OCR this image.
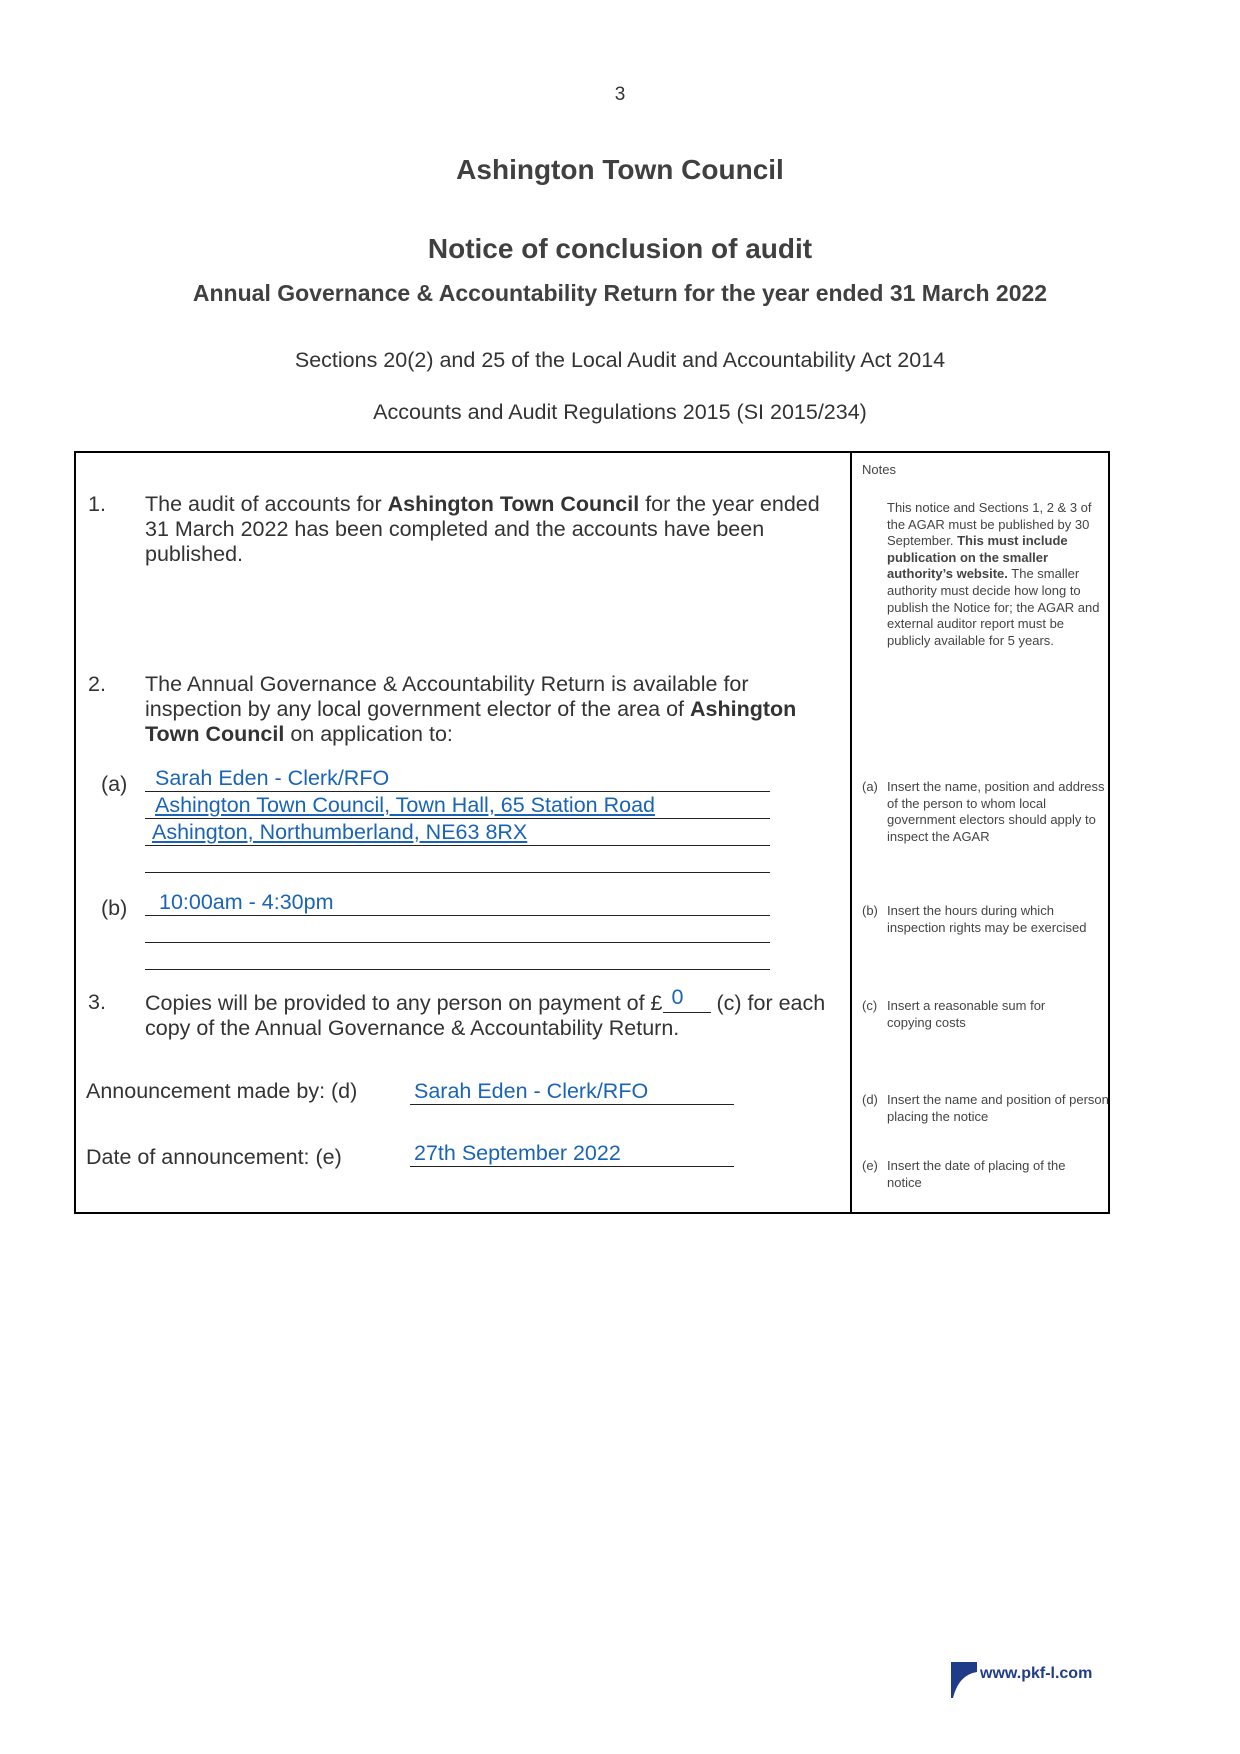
3
Ashington Town Council
Notice of conclusion of audit
Annual Governance & Accountability Return for the year ended 31 March 2022
Sections 20(2) and 25 of the Local Audit and Accountability Act 2014
Accounts and Audit Regulations 2015 (SI 2015/234)
Notes
This notice and Sections 1, 2 & 3 of the AGAR must be published by 30 September. This must include publication on the smaller authority’s website. The smaller authority must decide how long to publish the Notice for; the AGAR and external auditor report must be publicly available for 5 years.
(a) Insert the name, position and address of the person to whom local government electors should apply to inspect the AGAR
(b) Insert the hours during which inspection rights may be exercised
(c) Insert a reasonable sum for copying costs
(d) Insert the name and position of person placing the notice
(e) Insert the date of placing of the notice
1. The audit of accounts for Ashington Town Council for the year ended 31 March 2022 has been completed and the accounts have been published.
2. The Annual Governance & Accountability Return is available for inspection by any local government elector of the area of Ashington Town Council on application to:
(a) Sarah Eden - Clerk/RFO
Ashington Town Council, Town Hall, 65 Station Road
Ashington, Northumberland, NE63 8RX
(b) 10:00am - 4:30pm
3. Copies will be provided to any person on payment of £ 0 (c) for each copy of the Annual Governance & Accountability Return.
Announcement made by: (d)	Sarah Eden - Clerk/RFO
Date of announcement: (e)	27th September 2022
www.pkf-l.com
